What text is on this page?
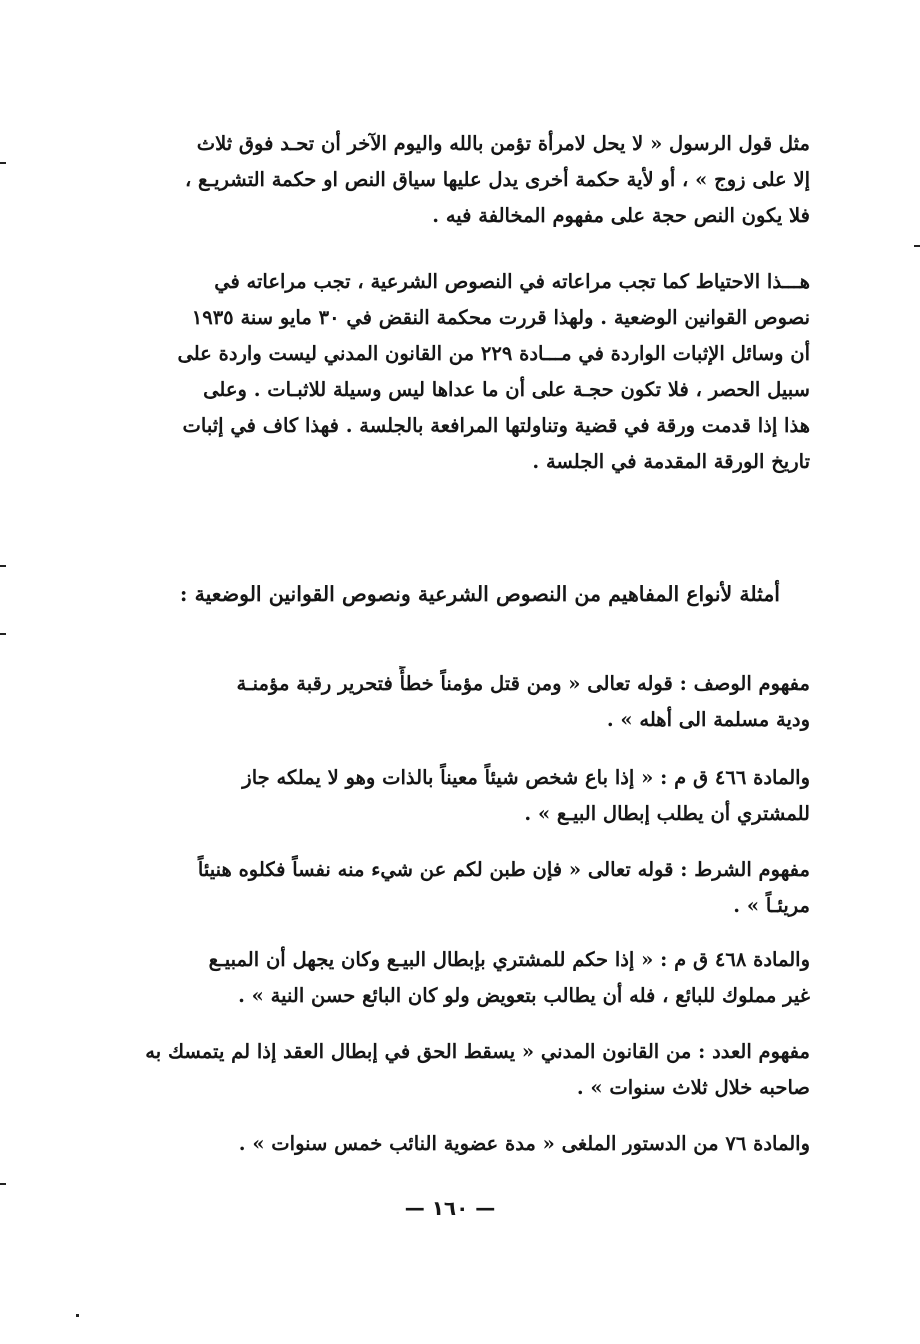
مثل قول الرسول « لا يحل لامرأة تؤمن بالله واليوم الآخر أن تحـد فوق ثلاث
إلا على زوج » ، أو لأية حكمة أخرى يدل عليها سياق النص او حكمة التشريـع ،
فلا يكون النص حجة على مفهوم المخالفة فيه .
هـــذا الاحتياط كما تجب مراعاته في النصوص الشرعية ، تجب مراعاته في
نصوص القوانين الوضعية . ولهذا قررت محكمة النقض في ٣٠ مايو سنة ١٩٣٥
أن وسائل الإثبات الواردة في مـــادة ٢٢٩ من القانون المدني ليست واردة على
سبيل الحصر ، فلا تكون حجـة على أن ما عداها ليس وسيلة للاثبـات . وعلى
هذا إذا قدمت ورقة في قضية وتناولتها المرافعة بالجلسة . فهذا كاف في إثبات
تاريخ الورقة المقدمة في الجلسة .
أمثلة لأنواع المفاهيم من النصوص الشرعية ونصوص القوانين الوضعية :
مفهوم الوصف : قوله تعالى « ومن قتل مؤمناً خطأً فتحرير رقبة مؤمنـة
ودية مسلمة الى أهله » .
والمادة ٤٦٦ ق م : « إذا باع شخص شيئاً معيناً بالذات وهو لا يملكه جاز
للمشتري أن يطلب إبطال البيـع » .
مفهوم الشرط : قوله تعالى « فإن طبن لكم عن شيء منه نفساً فكلوه هنيئاً
مريئـاً » .
والمادة ٤٦٨ ق م : « إذا حكم للمشتري بإبطال البيـع وكان يجهل أن المبيـع
غير مملوك للبائع ، فله أن يطالب بتعويض ولو كان البائع حسن النية » .
مفهوم العدد : من القانون المدني « يسقط الحق في إبطال العقد إذا لم يتمسك به
صاحبه خلال ثلاث سنوات » .
والمادة ٧٦ من الدستور الملغى « مدة عضوية النائب خمس سنوات » .
— ١٦٠ —
